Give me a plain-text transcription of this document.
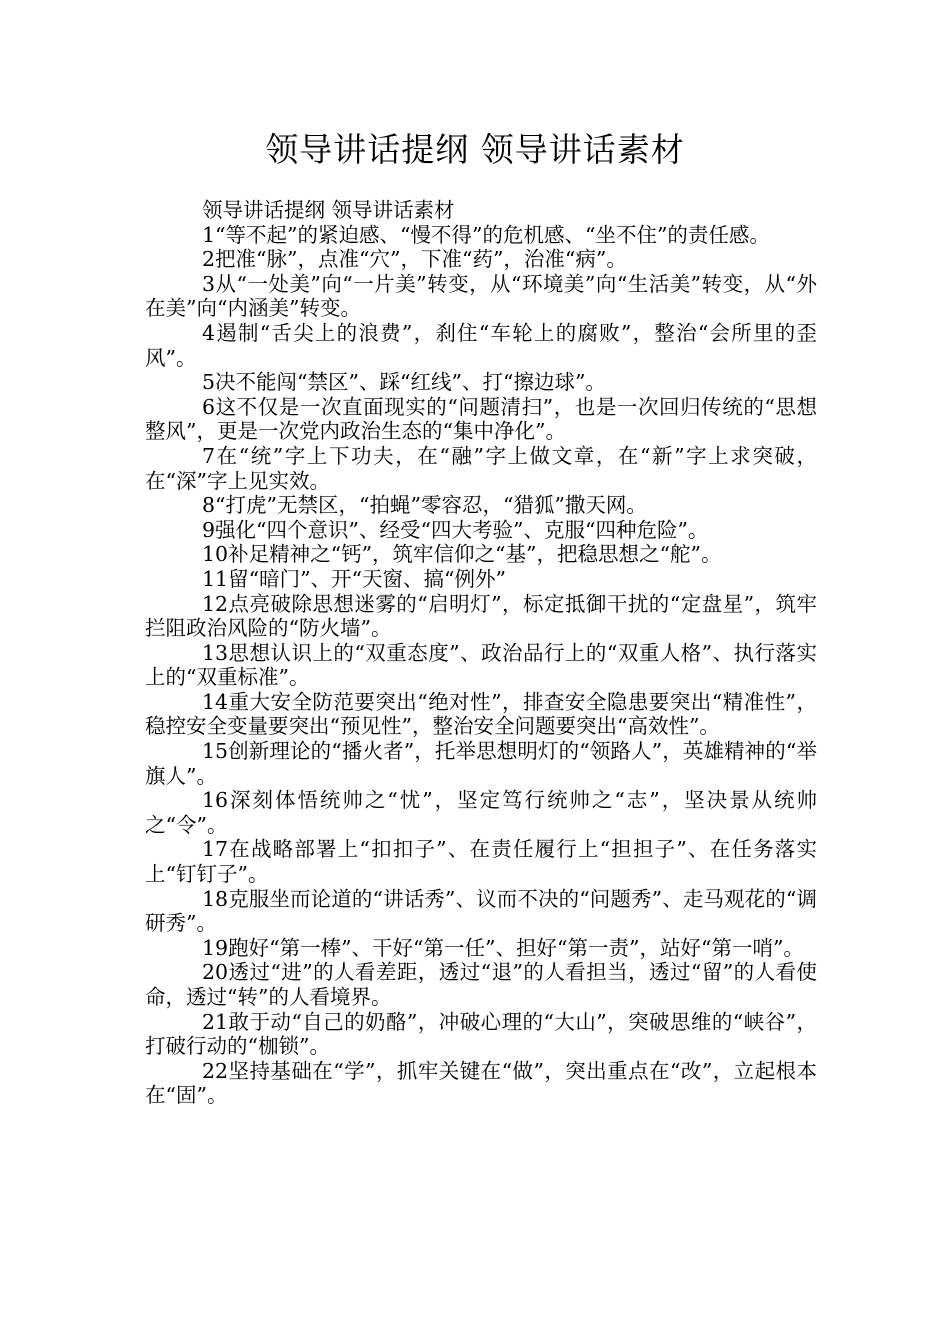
领导讲话提纲 领导讲话素材

领导讲话提纲 领导讲话素材

1“等不起”的紧迫感、“慢不得”的危机感、“坐不住”的责任感。

2把准“脉”，点准“穴”，下准“药”，治准“病”。

3从“一处美”向“一片美”转变，从“环境美”向“生活美”转变，从“外在美”向“内涵美”转变。

4遏制“舌尖上的浪费”，刹住“车轮上的腐败”，整治“会所里的歪风”。

5决不能闯“禁区”、踩“红线”、打“擦边球”。

6这不仅是一次直面现实的“问题清扫”，也是一次回归传统的“思想整风”，更是一次党内政治生态的“集中净化”。

7在“统”字上下功夫，在“融”字上做文章，在“新”字上求突破，在“深”字上见实效。

8“打虎”无禁区，“拍蝇”零容忍，“猎狐”撒天网。

9强化“四个意识”、经受“四大考验”、克服“四种危险”。

10补足精神之“钙”，筑牢信仰之“基”，把稳思想之“舵”。

11留“暗门”、开“天窗、搞“例外”

12点亮破除思想迷雾的“启明灯”，标定抵御干扰的“定盘星”，筑牢拦阻政治风险的“防火墙”。

13思想认识上的“双重态度”、政治品行上的“双重人格”、执行落实上的“双重标准”。

14重大安全防范要突出“绝对性”，排查安全隐患要突出“精准性”，稳控安全变量要突出“预见性”，整治安全问题要突出“高效性”。

15创新理论的“播火者”，托举思想明灯的“领路人”，英雄精神的“举旗人”。

16深刻体悟统帅之“忧”，坚定笃行统帅之“志”，坚决景从统帅之“令”。

17在战略部署上“扣扣子”、在责任履行上“担担子”、在任务落实上“钉钉子”。

18克服坐而论道的“讲话秀”、议而不决的“问题秀”、走马观花的“调研秀”。

19跑好“第一棒”、干好“第一任”、担好“第一责”，站好“第一哨”。

20透过“进”的人看差距，透过“退”的人看担当，透过“留”的人看使命，透过“转”的人看境界。

21敢于动“自己的奶酪”，冲破心理的“大山”，突破思维的“峡谷”，打破行动的“枷锁”。

22坚持基础在“学”，抓牢关键在“做”，突出重点在“改”，立起根本在“固”。
